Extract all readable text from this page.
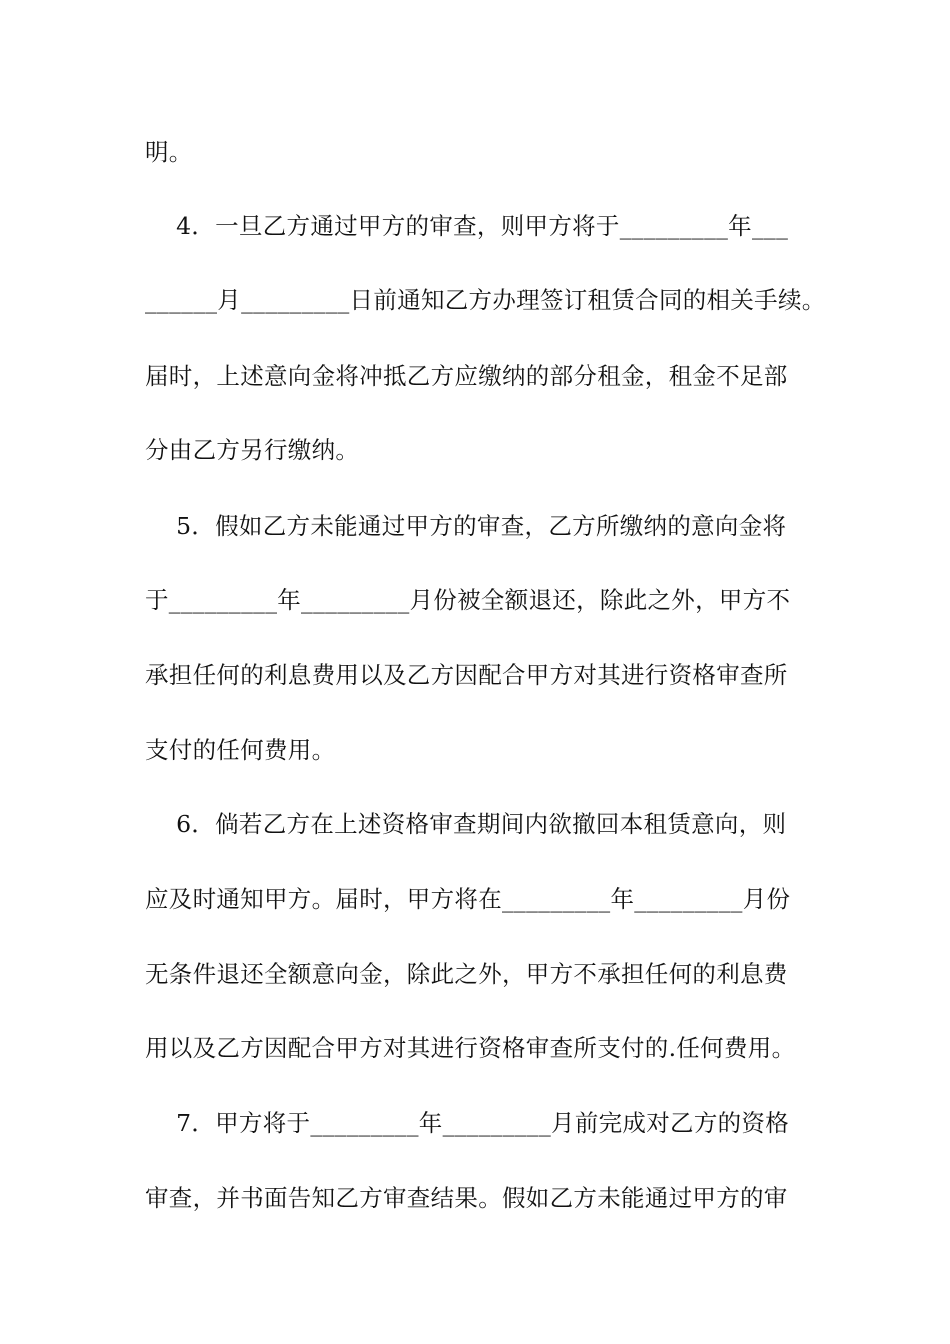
明。
4．一旦乙方通过甲方的审查，则甲方将于_________年___
______月_________日前通知乙方办理签订租赁合同的相关手续。
届时，上述意向金将冲抵乙方应缴纳的部分租金，租金不足部
分由乙方另行缴纳。
5．假如乙方未能通过甲方的审查，乙方所缴纳的意向金将
于_________年_________月份被全额退还，除此之外，甲方不
承担任何的利息费用以及乙方因配合甲方对其进行资格审查所
支付的任何费用。
6．倘若乙方在上述资格审查期间内欲撤回本租赁意向，则
应及时通知甲方。届时，甲方将在_________年_________月份
无条件退还全额意向金，除此之外，甲方不承担任何的利息费
用以及乙方因配合甲方对其进行资格审查所支付的.任何费用。
7．甲方将于_________年_________月前完成对乙方的资格
审查，并书面告知乙方审查结果。假如乙方未能通过甲方的审
